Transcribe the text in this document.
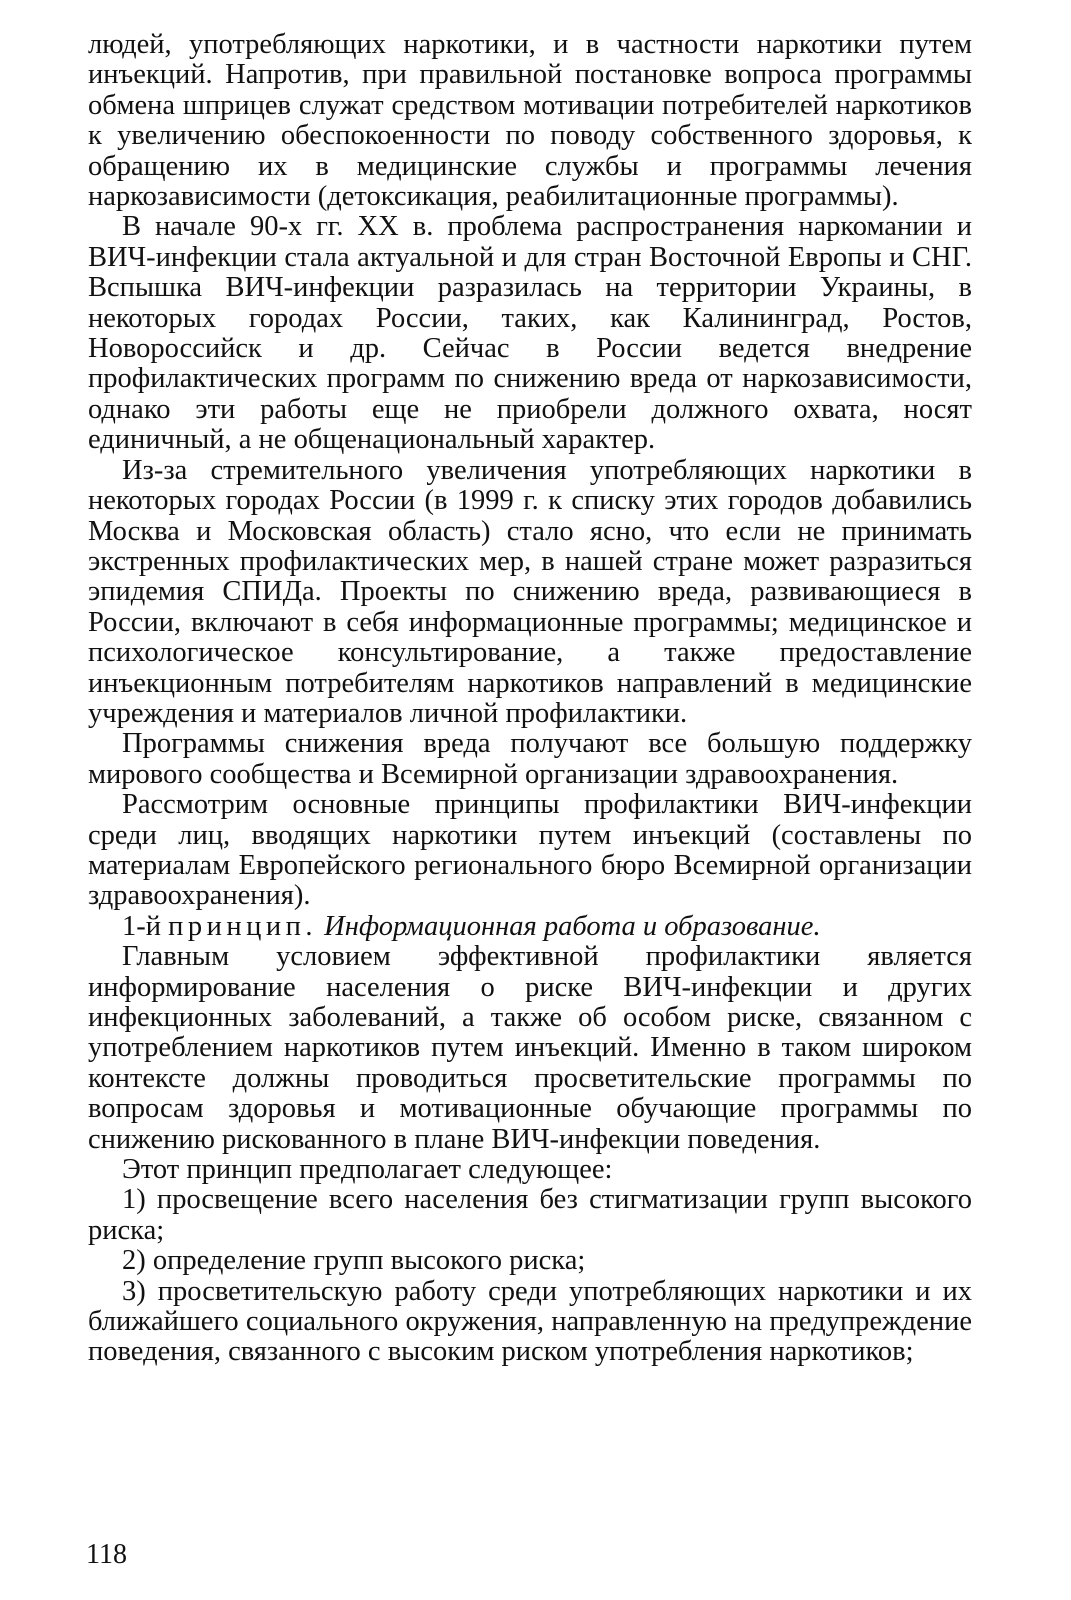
людей, употребляющих наркотики, и в частности наркотики путем инъекций. Напротив, при правильной постановке вопроса программы обмена шприцев служат средством мотивации потребителей наркотиков к увеличению обеспокоенности по поводу собственного здоровья, к обращению их в медицинские службы и программы лечения наркозависимости (детоксикация, реабилитационные программы).

В начале 90-х гг. XX в. проблема распространения наркомании и ВИЧ-инфекции стала актуальной и для стран Восточной Европы и СНГ. Вспышка ВИЧ-инфекции разразилась на территории Украины, в некоторых городах России, таких, как Калининград, Ростов, Новороссийск и др. Сейчас в России ведется внедрение профилактических программ по снижению вреда от наркозависимости, однако эти работы еще не приобрели должного охвата, носят единичный, а не общенациональный характер.

Из-за стремительного увеличения употребляющих наркотики в некоторых городах России (в 1999 г. к списку этих городов добавились Москва и Московская область) стало ясно, что если не принимать экстренных профилактических мер, в нашей стране может разразиться эпидемия СПИДа. Проекты по снижению вреда, развивающиеся в России, включают в себя информационные программы; медицинское и психологическое консультирование, а также предоставление инъекционным потребителям наркотиков направлений в медицинские учреждения и материалов личной профилактики.

Программы снижения вреда получают все большую поддержку мирового сообщества и Всемирной организации здравоохранения.

Рассмотрим основные принципы профилактики ВИЧ-инфекции среди лиц, вводящих наркотики путем инъекций (составлены по материалам Европейского регионального бюро Всемирной организации здравоохранения).

1-й принцип. Информационная работа и образование.

Главным условием эффективной профилактики является информирование населения о риске ВИЧ-инфекции и других инфекционных заболеваний, а также об особом риске, связанном с употреблением наркотиков путем инъекций. Именно в таком широком контексте должны проводиться просветительские программы по вопросам здоровья и мотивационные обучающие программы по снижению рискованного в плане ВИЧ-инфекции поведения.

Этот принцип предполагает следующее:

1) просвещение всего населения без стигматизации групп высокого риска;

2) определение групп высокого риска;

3) просветительскую работу среди употребляющих наркотики и их ближайшего социального окружения, направленную на предупреждение поведения, связанного с высоким риском употребления наркотиков;

118
